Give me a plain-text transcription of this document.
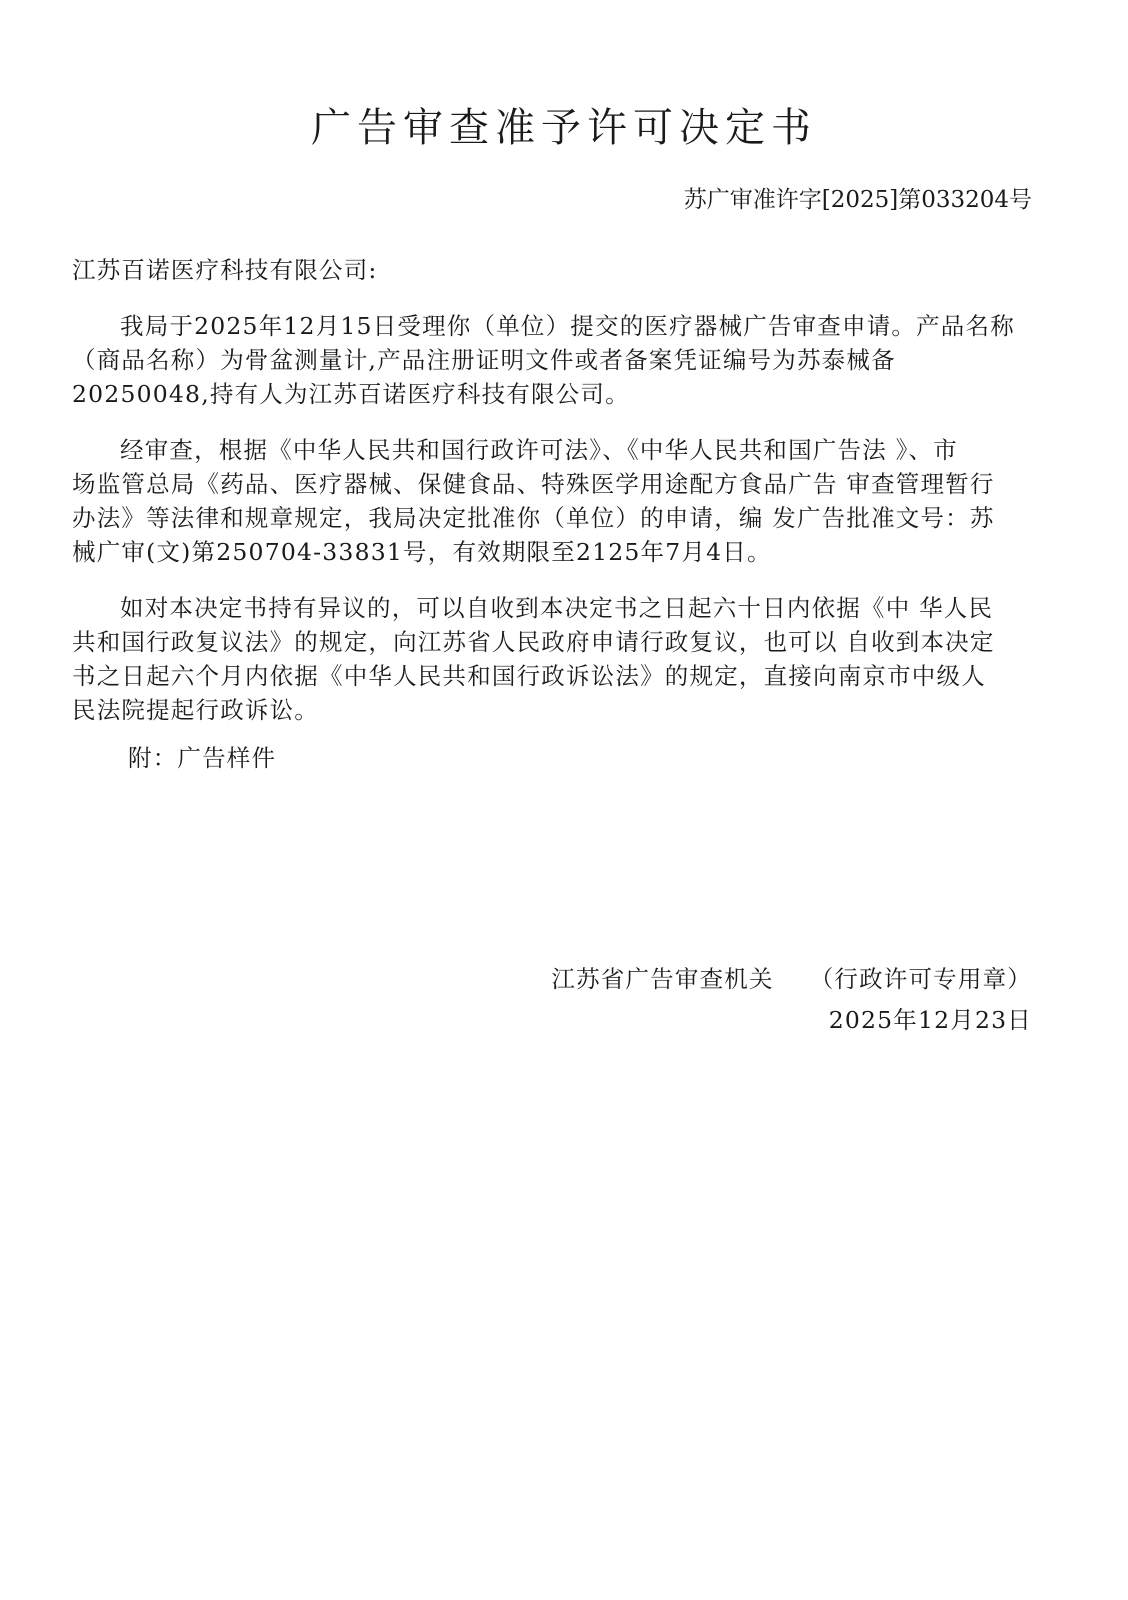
广告审查准予许可决定书
苏广审准许字[2025]第033204号
江苏百诺医疗科技有限公司:
我局于2025年12月15日受理你（单位）提交的医疗器械广告审查申请。产品名称
（商品名称）为骨盆测量计,产品注册证明文件或者备案凭证编号为苏泰械备
20250048,持有人为江苏百诺医疗科技有限公司。
经审查，根据《中华人民共和国行政许可法》、《中华人民共和国广告法 》、市
场监管总局《药品、医疗器械、保健食品、特殊医学用途配方食品广告 审查管理暂行
办法》等法律和规章规定，我局决定批准你（单位）的申请，编 发广告批准文号：苏
械广审(文)第250704-33831号，有效期限至2125年7月4日。
如对本决定书持有异议的，可以自收到本决定书之日起六十日内依据《中 华人民
共和国行政复议法》的规定，向江苏省人民政府申请行政复议，也可以 自收到本决定
书之日起六个月内依据《中华人民共和国行政诉讼法》的规定，直接向南京市中级人
民法院提起行政诉讼。
附：广告样件
江苏省广告审查机关 （行政许可专用章）
2025年12月23日
